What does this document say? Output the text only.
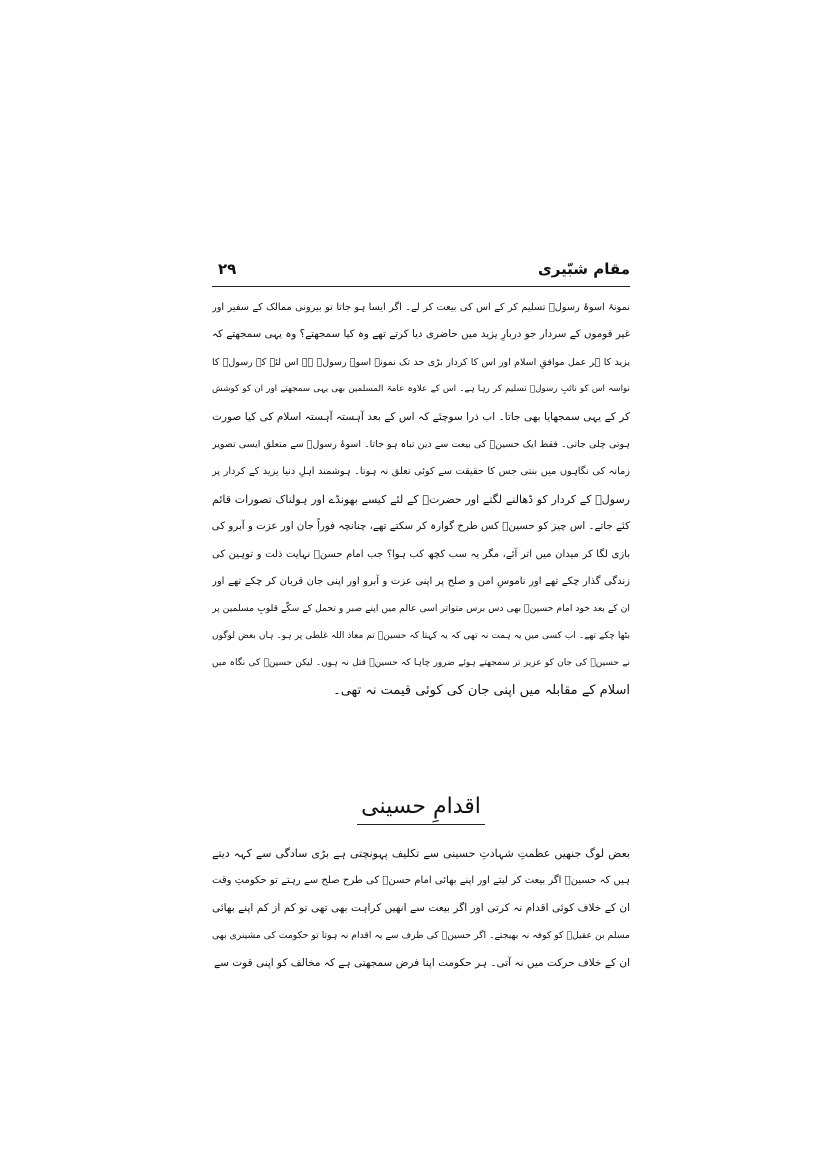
مقام شبّیری
۲۹
نمونۂ اسوۂ رسولؐ تسلیم کر کے اس کی بیعت کر لے۔ اگر ایسا ہو جاتا تو بیرونی ممالک کے سفیر اور
غیر قوموں کے سردار جو دربارِ یزید میں حاضری دیا کرتے تھے وہ کیا سمجھتے؟ وہ یہی سمجھتے کہ
یزید کا ہر عمل موافقِ اسلام اور اس کا کردار بڑی حد تک نمونۂ اسوۂ رسولؐ ہے اس لئے کہ رسولؐ کا
نواسہ اس کو نائبِ رسولؐ تسلیم کر رہا ہے۔ اس کے علاوہ عامۃ المسلمین بھی یہی سمجھتے اور ان کو کوشش
کر کے یہی سمجھایا بھی جاتا۔ اب ذرا سوچئے کہ اس کے بعد آہستہ آہستہ اسلام کی کیا صورت
ہوتی چلی جاتی۔ فقط ایک حسینؑ کی بیعت سے دین تباہ ہو جاتا۔ اسوۂ رسولؐ سے متعلق ایسی تصویر
زمانہ کی نگاہوں میں بنتی جس کا حقیقت سے کوئی تعلق نہ ہوتا۔ ہوشمند اہلِ دنیا یزید کے کردار پر
رسولؐ کے کردار کو ڈھالنے لگتے اور حضرتؐ کے لئے کیسے بھونڈے اور ہولناک تصورات قائم
کئے جاتے۔ اس چیز کو حسینؑ کس طرح گوارہ کر سکتے تھے، چنانچہ فوراً جان اور عزت و آبرو کی
بازی لگا کر میدان میں اتر آئے، مگر یہ سب کچھ کب ہوا؟ جب امام حسنؑ نہایت ذلت و توہین کی
زندگی گذار چکے تھے اور ناموسِ امن و صلح پر اپنی عزت و آبرو اور اپنی جان قربان کر چکے تھے اور
ان کے بعد خود امام حسینؑ بھی دس برس متواتر اسی عالم میں اپنے صبر و تحمل کے سکّے قلوبِ مسلمین پر
بٹھا چکے تھے۔ اب کسی میں یہ ہمت نہ تھی کہ یہ کہتا کہ حسینؑ تم معاذ اللہ غلطی پر ہو۔ ہاں بعض لوگوں
نے حسینؑ کی جان کو عزیز تر سمجھتے ہوئے ضرور چاہا کہ حسینؑ قتل نہ ہوں۔ لیکن حسینؑ کی نگاہ میں
اسلام کے مقابلہ میں اپنی جان کی کوئی قیمت نہ تھی۔
اقدامِ حسینی
بعض لوگ جنھیں عظمتِ شہادتِ حسینی سے تکلیف پہونچتی ہے بڑی سادگی سے کہہ دیتے
ہیں کہ حسینؑ اگر بیعت کر لیتے اور اپنے بھائی امام حسنؑ کی طرح صلح سے رہتے تو حکومتِ وقت
ان کے خلاف کوئی اقدام نہ کرتی اور اگر بیعت سے انھیں کراہت بھی تھی تو کم از کم اپنے بھائی
مسلم بن عقیلؑ کو کوفہ نہ بھیجتے۔ اگر حسینؑ کی طرف سے یہ اقدام نہ ہوتا تو حکومت کی مشینری بھی
ان کے خلاف حرکت میں نہ آتی۔ ہر حکومت اپنا فرض سمجھتی ہے کہ مخالف کو اپنی قوت سے
